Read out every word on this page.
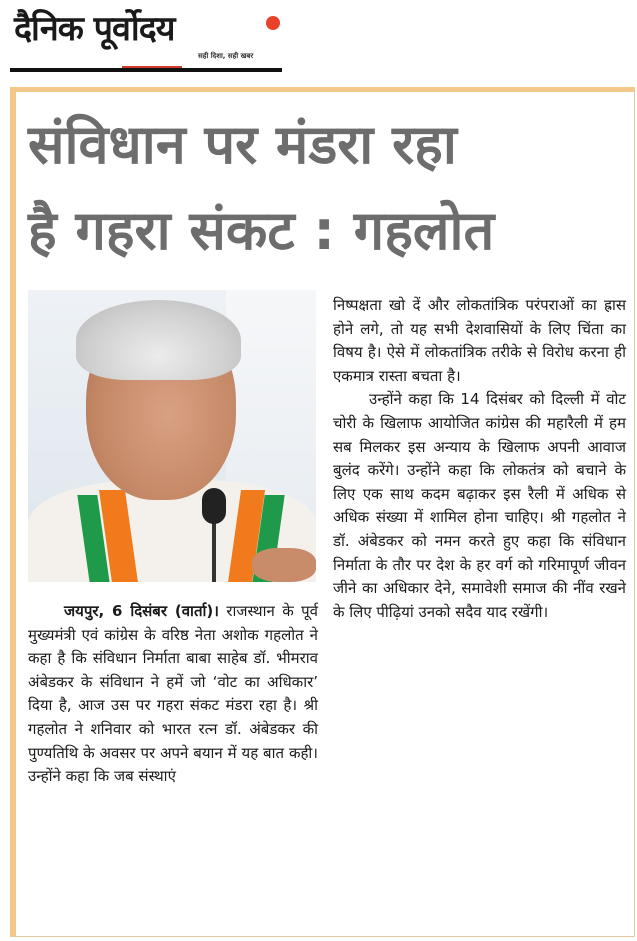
दैनिक पूर्वोदय
सही दिशा, सही खबर
संविधान पर मंडरा रहा
है गहरा संकट : गहलोत

निष्पक्षता खो दें और लोकतांत्रिक परंपराओं का ह्रास होने लगे, तो यह सभी देशवासियों के लिए चिंता का विषय है। ऐसे में लोकतांत्रिक तरीके से विरोध करना ही एकमात्र रास्ता बचता है।

उन्होंने कहा कि 14 दिसंबर को दिल्ली में वोट चोरी के खिलाफ आयोजित कांग्रेस की महारैली में हम सब मिलकर इस अन्याय के खिलाफ अपनी आवाज बुलंद करेंगे। उन्होंने कहा कि लोकतंत्र को बचाने के लिए एक साथ कदम बढ़ाकर इस रैली में अधिक से अधिक संख्या में शामिल होना चाहिए। श्री गहलोत ने डॉ. अंबेडकर को नमन करते हुए कहा कि संविधान निर्माता के तौर पर देश के हर वर्ग को गरिमापूर्ण जीवन जीने का अधिकार देने, समावेशी समाज की नींव रखने के लिए पीढ़ियां उनको सदैव याद रखेंगी।

जयपुर, 6 दिसंबर (वार्ता)। राजस्थान के पूर्व मुख्यमंत्री एवं कांग्रेस के वरिष्ठ नेता अशोक गहलोत ने कहा है कि संविधान निर्माता बाबा साहेब डॉ. भीमराव अंबेडकर के संविधान ने हमें जो ‘वोट का अधिकार’ दिया है, आज उस पर गहरा संकट मंडरा रहा है। श्री गहलोत ने शनिवार को भारत रत्न डॉ. अंबेडकर की पुण्यतिथि के अवसर पर अपने बयान में यह बात कही। उन्होंने कहा कि जब संस्थाएं
